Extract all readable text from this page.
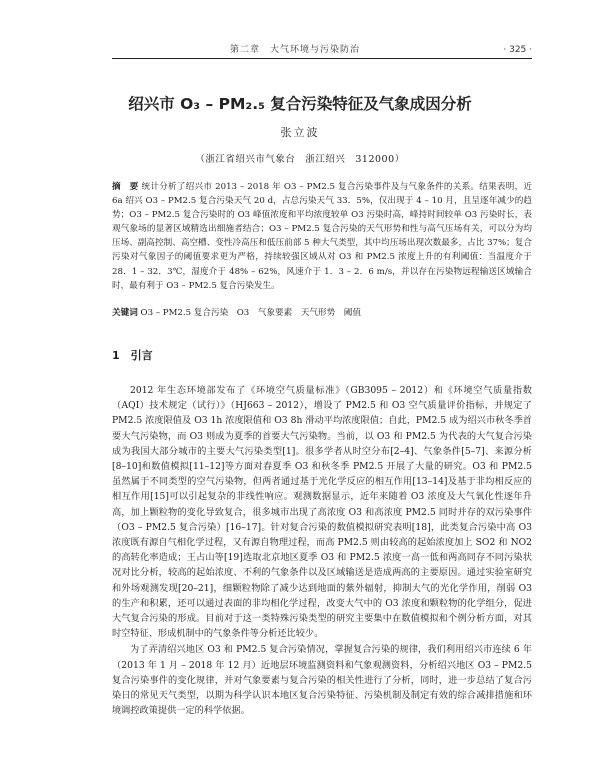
第二章　大气环境与污染防治	· 325 ·
绍兴市 O₃ – PM₂.₅ 复合污染特征及气象成因分析
张立波
（浙江省绍兴市气象台　浙江绍兴　312000）
摘　要 统计分析了绍兴市 2013 – 2018 年 O3 – PM2.5 复合污染事件及与气象条件的关系。结果表明，近 6a 绍兴 O3 – PM2.5 复合污染天气 20 d，占总污染天气 33．5%，仅出现于 4 – 10 月，且呈逐年减少的趋势；O3 – PM2.5 复合污染时的 O3 峰值浓度和平均浓度较单 O3 污染时高，峰持时间较单 O3 污染时长，表观气象场的显著区域精选出细施者结合；O3 – PM2.5 复合污染的天气形势和性与高气压场有关，可以分为均压场、副高控制、高空槽、变性冷高压和低压前部 5 种大气类型，其中均压场出现次数最多，占比 37%；复合污染对气象因子的阈值要求更为严格，持续较强区域从对 O3 和 PM2.5 浓度上升的有利阈值：当温度介于 28．1 – 32．3℃，湿度介于 48% – 62%，风速介于 1．3 – 2．6 m/s，并以存在污染物远程输送区域输合时，最有利于 O3 – PM2.5 复合污染发生。
关键词 O3 – PM2.5 复合污染　O3　气象要素　天气形势　阈值
1　引言

2012 年生态环境部发布了《环境空气质量标准》（GB3095 – 2012）和《环境空气质量指数（AQI）技术规定（试行）》（HJ663 – 2012），增设了 PM2.5 和 O3 空气质量评价指标，并规定了 PM2.5 浓度限值及 O3 1h 浓度限值和 O3 8h 滑动平均浓度限值；自此，PM2.5 成为绍兴市秋冬季首要大气污染物，而 O3 则成为夏季的首要大气污染物。当前，以 O3 和 PM2.5 为代表的大气复合污染成为我国大部分城市的主要大气污染类型[1]。很多学者从时空分布[2–4]、气象条件[5–7]、来源分析[8–10]和数值模拟[11–12]等方面对春夏季 O3 和秋冬季 PM2.5 开展了大量的研究。O3 和 PM2.5 虽然属于不同类型的空气污染物，但两者通过基于光化学反应的相互作用[13–14]及基于非均相反应的相互作用[15]可以引起复杂的非线性响应。观测数据显示，近年来随着 O3 浓度及大气氧化性逐年升高，加上颗粒物的变化导致复合，很多城市出现了高浓度 O3 和高浓度 PM2.5 同时并存的双污染事件（O3 – PM2.5 复合污染）[16–17]。针对复合污染的数值模拟研究表明[18]，此类复合污染中高 O3 浓度既有源自气相化学过程，又有源自物理过程，而高 PM2.5 则由较高的起始浓度加上 SO2 和 NO2 的高转化率造成；王占山等[19]选取北京地区夏季 O3 和 PM2.5 浓度一高一低和两高同存不同污染状况对比分析，较高的起始浓度、不利的气象条件以及区域输送是造成两高的主要原因。通过实验室研究和外场观测发现[20–21]，细颗粒物除了减少达到地面的紫外辐射，抑制大气的光化学作用，削弱 O3 的生产和积累，还可以通过表面的非均相化学过程，改变大气中的 O3 浓度和颗粒物的化学组分，促进大气复合污染的形成。目前对于这一类特殊污染类型的研究主要集中在数值模拟和个例分析方面，对其时空特征、形成机制中的气象条件等分析还比较少。

为了弄清绍兴地区 O3 和 PM2.5 复合污染情况，掌握复合污染的规律，我们利用绍兴市连续 6 年（2013 年 1 月 – 2018 年 12 月）近地层环境监测资料和气象观测资料，分析绍兴地区 O3 – PM2.5 复合污染事件的变化规律，并对气象要素与复合污染的相关性进行了分析，同时，进一步总结了复合污染日的常见天气类型，以期为科学认识本地区复合污染特征、污染机制及制定有效的综合减排措施和环境调控政策提供一定的科学依据。
